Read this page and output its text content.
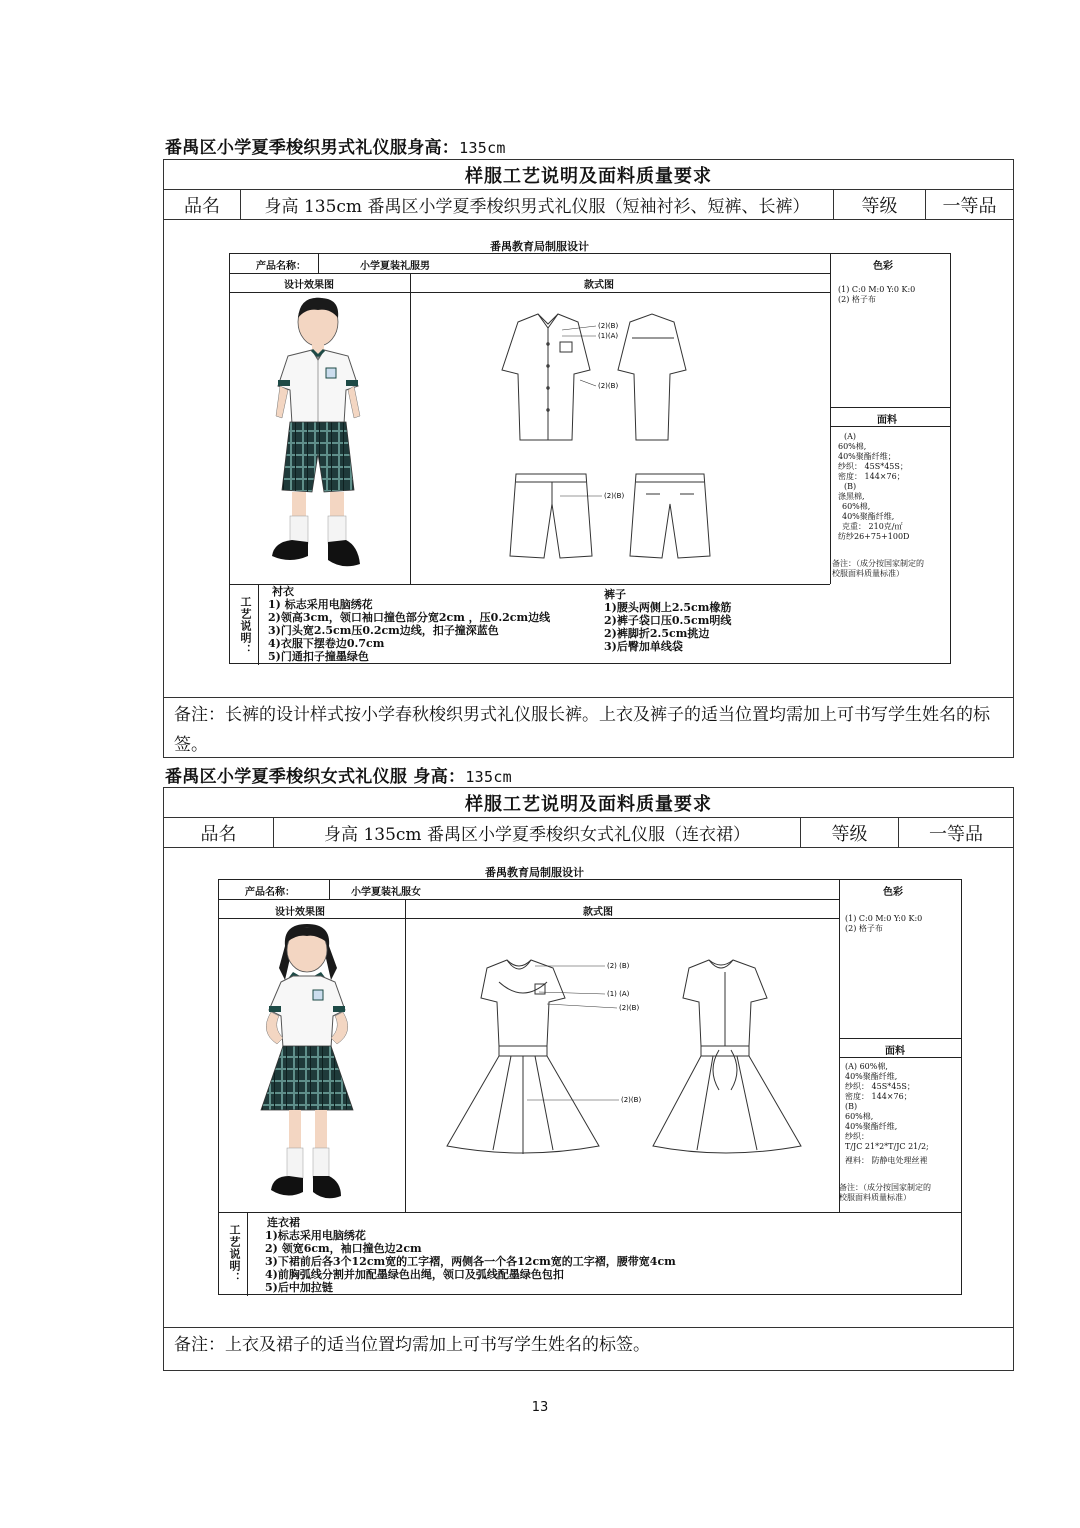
番禺区小学夏季梭织男式礼仪服身高：135cm
样服工艺说明及面料质量要求
品名	身高 135cm 番禺区小学夏季梭织男式礼仪服（短袖衬衫、短裤、长裤）	等级	一等品
备注：长裤的设计样式按小学春秋梭织男式礼仪服长裤。上衣及裤子的适当位置均需加上可书写学生姓名的标签。
番禺教育局制服设计
产品名称：	小学夏装礼服男	色彩
设计效果图	款式图	(1) C:0 M:0 Y:0 K:0
(2) 格子布
面料
(A)
60%棉,
40%聚酯纤维；
纱织： 45S*45S；
密度： 144×76；
(B)
涤黑棉,
60%棉,
40%聚酯纤维,
克重： 210克/㎡
纺纱26+75+100D
备注：（成分按国家制定的
校服面料质量标准）
工艺说明：
衬衣
1) 标志采用电脑绣花
2)领高3cm，领口袖口撞色部分宽2cm ，压0.2cm边线
3)门头宽2.5cm压0.2cm边线，扣子撞深蓝色
4)衣服下摆卷边0.7cm
5)门通扣子撞墨绿色
裤子
1)腰头两侧上2.5cm橡筋
2)裤子袋口压0.5cm明线
2)裤脚折2.5cm挑边
3)后臀加单线袋
(2)(B)
(1)(A)
(2)(B)
(2)(B)
番禺区小学夏季梭织女式礼仪服 身高：135cm
样服工艺说明及面料质量要求
品名	身高 135cm 番禺区小学夏季梭织女式礼仪服（连衣裙）	等级	一等品
备注：上衣及裙子的适当位置均需加上可书写学生姓名的标签。
番禺教育局制服设计
产品名称：	小学夏装礼服女	色彩
设计效果图	款式图
(1) C:0 M:0 Y:0 K:0
(2) 格子布
面料
(A) 60%棉,
40%聚酯纤维,
纱织： 45S*45S；
密度： 144×76；
(B)
60%棉,
40%聚酯纤维,
纱织：
T/JC 21*2*T/JC 21/2;
裡料： 防静电处理丝裡
备注：（成分按国家制定的
校服面料质量标准）
工艺说明：
连衣裙
1)标志采用电脑绣花
2) 领宽6cm，袖口撞色边2cm
3)下裙前后各3个12cm宽的工字褶，两侧各一个各12cm宽的工字褶，腰带宽4cm
4)前胸弧线分割并加配墨绿色出绳，领口及弧线配墨绿色包扣
5)后中加拉链
(2) (B)
(1) (A)
(2)(B)
(2)(B)
13
